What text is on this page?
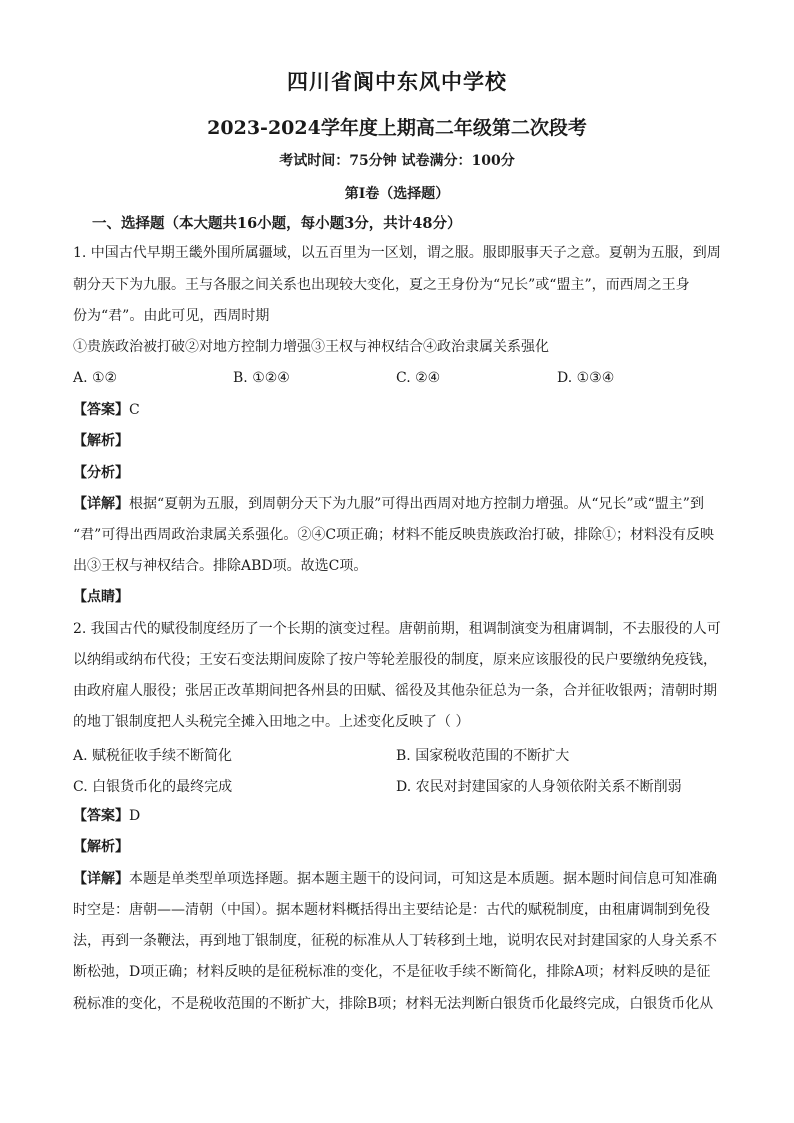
四川省阆中东风中学校
2023-2024学年度上期高二年级第二次段考
考试时间：75分钟 试卷满分：100分
第Ⅰ卷（选择题）
一、选择题（本大题共16小题，每小题3分，共计48分）
1. 中国古代早期王畿外围所属疆域，以五百里为一区划，谓之服。服即服事天子之意。夏朝为五服，到周
朝分天下为九服。王与各服之间关系也出现较大变化，夏之王身份为“兄长”或“盟主”，而西周之王身
份为“君”。由此可见，西周时期
①贵族政治被打破②对地方控制力增强③王权与神权结合④政治隶属关系强化
A. ①②	B. ①②④	C. ②④	D. ①③④
【答案】C
【解析】
【分析】
【详解】根据“夏朝为五服，到周朝分天下为九服”可得出西周对地方控制力增强。从“兄长”或“盟主”到
“君”可得出西周政治隶属关系强化。②④C项正确；材料不能反映贵族政治打破，排除①；材料没有反映
出③王权与神权结合。排除ABD项。故选C项。
【点睛】
2. 我国古代的赋役制度经历了一个长期的演变过程。唐朝前期，租调制演变为租庸调制，不去服役的人可
以纳绢或纳布代役；王安石变法期间废除了按户等轮差服役的制度，原来应该服役的民户要缴纳免疫钱，
由政府雇人服役；张居正改革期间把各州县的田赋、徭役及其他杂征总为一条，合并征收银两；清朝时期
的地丁银制度把人头税完全摊入田地之中。上述变化反映了（ ）
A. 赋税征收手续不断简化	B. 国家税收范围的不断扩大
C. 白银货币化的最终完成	D. 农民对封建国家的人身领依附关系不断削弱
【答案】D
【解析】
【详解】本题是单类型单项选择题。据本题主题干的设问词，可知这是本质题。据本题时间信息可知准确
时空是：唐朝——清朝（中国）。据本题材料概括得出主要结论是：古代的赋税制度，由租庸调制到免役
法，再到一条鞭法，再到地丁银制度，征税的标准从人丁转移到土地，说明农民对封建国家的人身关系不
断松弛，D项正确；材料反映的是征税标准的变化，不是征收手续不断简化，排除A项；材料反映的是征
税标准的变化，不是税收范围的不断扩大，排除B项；材料无法判断白银货币化最终完成，白银货币化从
